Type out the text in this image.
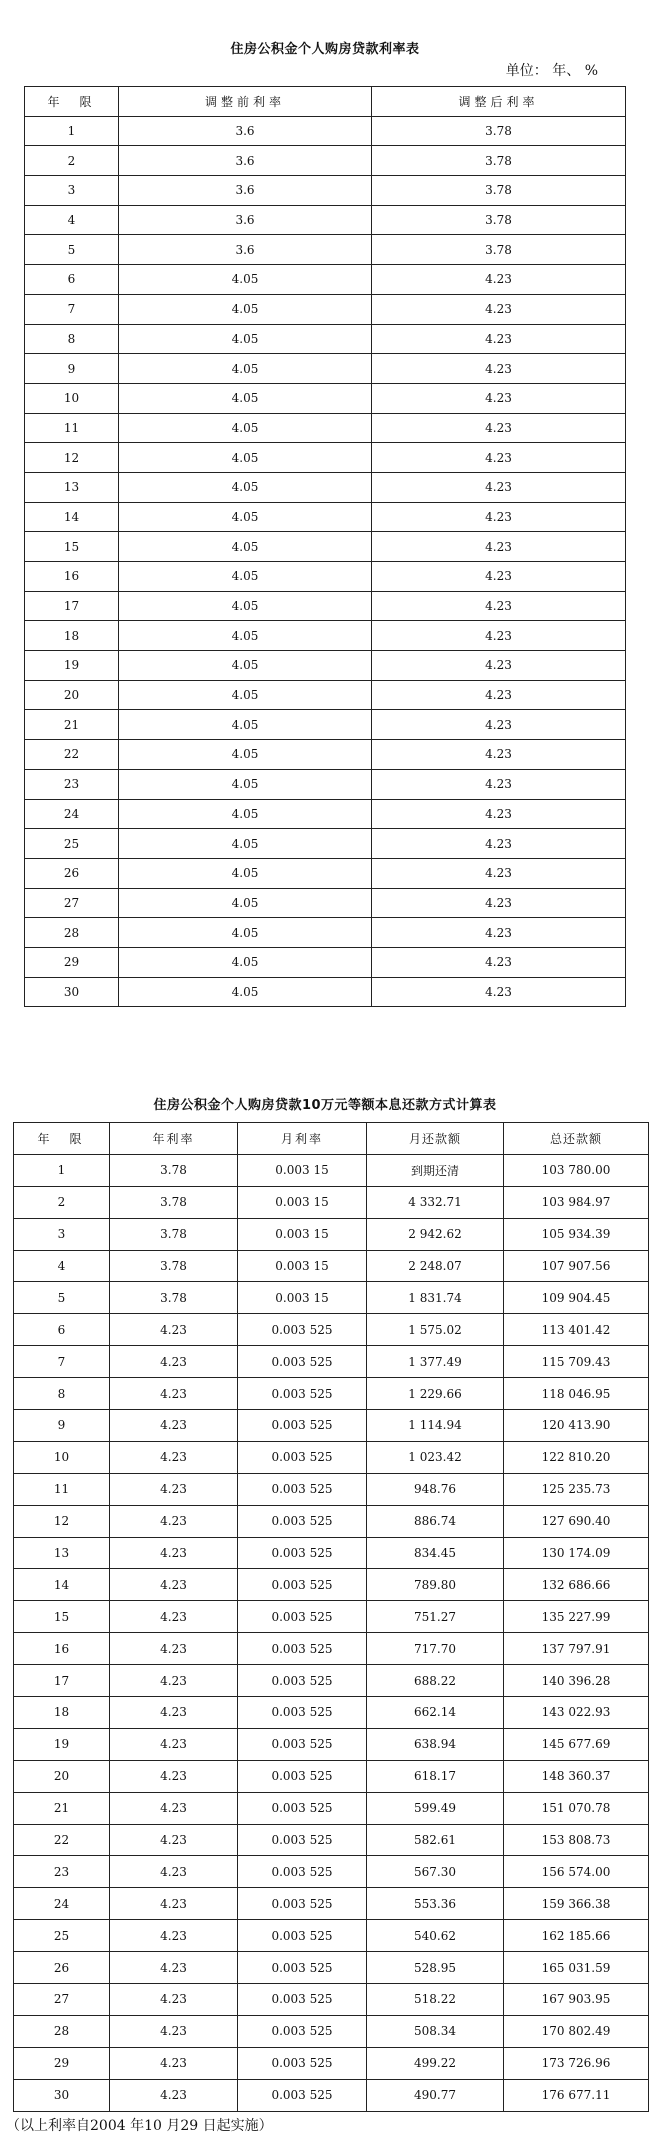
住房公积金个人购房贷款利率表
单位： 年、 %
年　限	调整前利率	调整后利率
1	3.6	3.78
2	3.6	3.78
3	3.6	3.78
4	3.6	3.78
5	3.6	3.78
6	4.05	4.23
7	4.05	4.23
8	4.05	4.23
9	4.05	4.23
10	4.05	4.23
11	4.05	4.23
12	4.05	4.23
13	4.05	4.23
14	4.05	4.23
15	4.05	4.23
16	4.05	4.23
17	4.05	4.23
18	4.05	4.23
19	4.05	4.23
20	4.05	4.23
21	4.05	4.23
22	4.05	4.23
23	4.05	4.23
24	4.05	4.23
25	4.05	4.23
26	4.05	4.23
27	4.05	4.23
28	4.05	4.23
29	4.05	4.23
30	4.05	4.23
住房公积金个人购房贷款10万元等额本息还款方式计算表
年　限	年利率	月利率	月还款额	总还款额
1	3.78	0.003 15	到期还清	103 780.00
2	3.78	0.003 15	4 332.71	103 984.97
3	3.78	0.003 15	2 942.62	105 934.39
4	3.78	0.003 15	2 248.07	107 907.56
5	3.78	0.003 15	1 831.74	109 904.45
6	4.23	0.003 525	1 575.02	113 401.42
7	4.23	0.003 525	1 377.49	115 709.43
8	4.23	0.003 525	1 229.66	118 046.95
9	4.23	0.003 525	1 114.94	120 413.90
10	4.23	0.003 525	1 023.42	122 810.20
11	4.23	0.003 525	948.76	125 235.73
12	4.23	0.003 525	886.74	127 690.40
13	4.23	0.003 525	834.45	130 174.09
14	4.23	0.003 525	789.80	132 686.66
15	4.23	0.003 525	751.27	135 227.99
16	4.23	0.003 525	717.70	137 797.91
17	4.23	0.003 525	688.22	140 396.28
18	4.23	0.003 525	662.14	143 022.93
19	4.23	0.003 525	638.94	145 677.69
20	4.23	0.003 525	618.17	148 360.37
21	4.23	0.003 525	599.49	151 070.78
22	4.23	0.003 525	582.61	153 808.73
23	4.23	0.003 525	567.30	156 574.00
24	4.23	0.003 525	553.36	159 366.38
25	4.23	0.003 525	540.62	162 185.66
26	4.23	0.003 525	528.95	165 031.59
27	4.23	0.003 525	518.22	167 903.95
28	4.23	0.003 525	508.34	170 802.49
29	4.23	0.003 525	499.22	173 726.96
30	4.23	0.003 525	490.77	176 677.11
（以上利率自2004 年10 月29 日起实施）
